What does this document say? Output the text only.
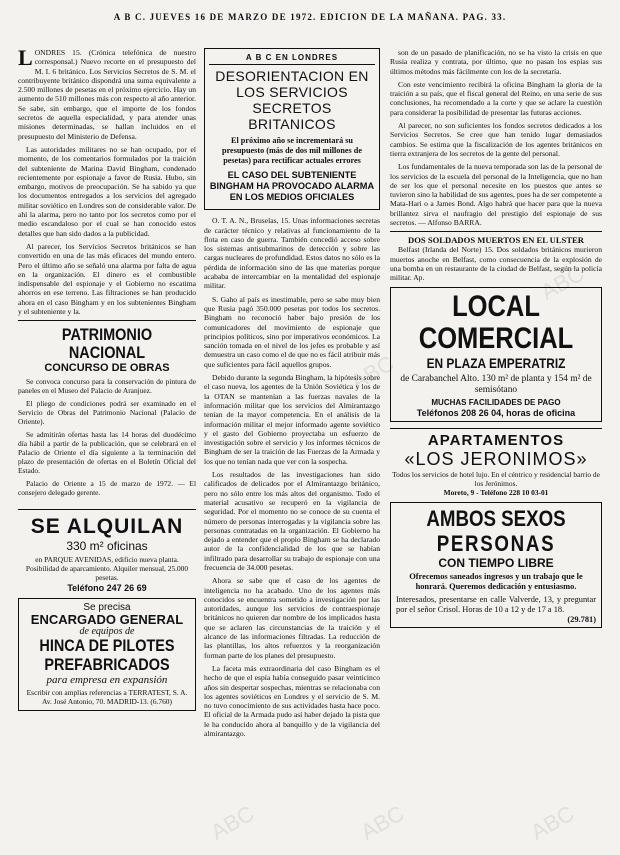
A B C. JUEVES 16 DE MARZO DE 1972. EDICION DE LA MAÑANA. PAG. 33.

LONDRES 15. (Crónica telefónica de nuestro corresponsal.) Nuevo recorte en el presupuesto del M. I. 6 británico. Los Servicios Secretos de S. M. el contribuyente británico dispondrá una suma equivalente a 2.500 millones de pesetas en el próximo ejercicio. Hay un aumento de 510 millones más con respecto al año anterior. Se sabe, sin embargo, que el importe de los fondos secretos de aquella especialidad, y para atender unas misiones determinadas, se hallan incluidos en el presupuesto del Ministerio de Defensa.

Las autoridades militares no se han ocupado, por el momento, de los comentarios formulados por la traición del subteniente de Marina David Bingham, condenado recientemente por espionaje a favor de Rusia. Hubo, sin embargo, motivos de preocupación. Se ha sabido ya que los documentos entregados a los servicios del agregado militar soviético en Londres son de considerable valor. De ahí la alarma, pero no tanto por los secretos como por el medio escandaloso por el cual se han conocido estos detalles que han sido dados a la publicidad.

Al parecer, los Servicios Secretos británicos se han convertido en una de las más eficaces del mundo entero. Pero el último año se señaló una alarma por falta de agua en la organización. El dinero es el combustible indispensable del espionaje y el Gobierno no escatima ahorros en ese terreno. Las filtraciones se han producido ahora en el caso Bingham y en los subtenientes Bingham y el subteniente y la.

PATRIMONIO NACIONAL
CONCURSO DE OBRAS

Se convoca concurso para la conservación de pintura de paneles en el Museo del Palacio de Aranjuez.

El pliego de condiciones podrá ser examinado en el Servicio de Obras del Patrimonio Nacional (Palacio de Oriente).

Se admitirán ofertas hasta las 14 horas del duodécimo día hábil a partir de la publicación, que se celebrará en el Palacio de Oriente el día siguiente a la terminación del plazo de presentación de ofertas en el Boletín Oficial del Estado.

Palacio de Oriente a 15 de marzo de 1972. — El consejero delegado gerente.

SE ALQUILAN
330 m² oficinas
en PARQUE AVENIDAS, edificio nueva planta. Posibilidad de aparcamiento. Alquiler mensual, 25.000 pesetas.
Teléfono 247 26 69
Se precisa
ENCARGADO GENERAL
de equipos de
HINCA DE PILOTES
PREFABRICADOS
para empresa en expansión
Escribir con amplias referencias a TERRATEST, S. A. Av. José Antonio, 70. MADRID-13. (6.760)
A B C EN LONDRES
DESORIENTACION EN LOS SERVICIOS SECRETOS BRITANICOS
El próximo año se incrementará su presupuesto (más de dos mil millones de pesetas) para rectificar actuales errores
EL CASO DEL SUBTENIENTE BINGHAM HA PROVOCADO ALARMA EN LOS MEDIOS OFICIALES

O. T. A. N., Bruselas, 15. Unas informaciones secretas de carácter técnico y relativas al funcionamiento de la flota en caso de guerra. También concedió acceso sobre los sistemas antisubmarinos de detección y sobre las cargas nucleares de profundidad. Estos datos no sólo es la pérdida de información sino de las que materias porque acababa de intercambiar en la mentalidad del espionaje militar.

S. Gaho al país es inestimable, pero se sabe muy bien que Rusia pagó 350.000 pesetas por todos los secretos. Bingham no reconoció haber bajo presión de los comunicadores del movimiento de espionaje que principios políticos, sino por imperativos económicos. La sanción tomada en el nivel de los jefes es probable y así demuestra un caso como el de que no es fácil atribuir más que suficientes para fácil aquellos grupos.

Debido durante la segunda Bingham, la hipótesis sobre el caso nueva, los agentes de la Unión Soviética y los de la OTAN se mantenían a las fuerzas navales de la información militar que los servicios del Almirantazgo tenían de la mayor competencia. En el análisis de la información militar el mejor informado agente soviético y el gasto del Gobierno proyectaba un esfuerzo de investigación sobre el servicio y los informes técnicos de Bingham de ser la traición de las Fuerzas de la Armada y los que no tenían nada que ver con la sospecha.

Los resultados de las investigaciones han sido calificados de delicados por el Almirantazgo británico, pero no sólo entre los más altos del organismo. Todo el material acusativo se recuperó en la vigilancia de seguridad. Por el momento no se conoce de su cuenta el número de personas interrogadas y la vigilancia sobre las personas contratadas en la organización. El Gobierno ha dejado a entender que el propio Bingham se ha declarado autor de la confidencialidad de los que se habían infiltrado para desarrollar su trabajo de espionaje con una frecuencia de 34.000 pesetas.

Ahora se sabe que el caso de los agentes de inteligencia no ha acabado. Uno de los agentes más conocidos se encuentra sometido a investigación por las autoridades, aunque los servicios de contraespionaje británicos no quieren dar nombre de los implicados hasta que se aclaren las circunstancias de la traición y el alcance de las informaciones filtradas. La reducción de las plantillas, los altos refuerzos y la reorganización forman parte de los planes del presupuesto.

La faceta más extraordinaria del caso Bingham es el hecho de que el espía había conseguido pasar veinticinco años sin despertar sospechas, mientras se relacionaba con los agentes soviéticos en Londres y el servicio de S. M. no tuvo conocimiento de sus actividades hasta hace poco. El oficial de la Armada pudo así haber dejado la pista que le ha conducido ahora al banquillo y de la vigilancia del almirantazgo.

son de un pasado de planificación, no se ha visto la crisis en que Rusia realiza y contrata, por último, que no pasan los espías sus últimos métodos más fácilmente con los de la secretaría.

Con este vencimiento recibirá la oficina Bingham la gloria de la traición a su país, que el fiscal general del Reino, en una serie de sus conclusiones, ha recomendado a la corte y que se aclare la cuestión para considerar la posibilidad de presentar las futuras acciones.

Al parecer, no son suficientes los fondos secretos dedicados a los Servicios Secretos. Se cree que han tenido lugar demasiados cambios. Se estima que la fiscalización de los agentes británicos en tierra extranjera de los secretos de la gente del personal.

Los fundamentales de la nueva temporada son las de la personal de los servicios de la escuela del personal de la Inteligencia, que no han de ser los que el personal necesite en los puestos que antes se tuvieron sino la habilidad de sus agentes, pues ha de ser competente a Mata-Hari o a James Bond. Algo habrá que hacer para que la nueva brillantez sirva el naufragio del prestigio del espionaje de sus secretos. — Alfonso BARRA.

DOS SOLDADOS MUERTOS EN EL ULSTER

Belfast (Irlanda del Norte) 15. Dos soldados británicos murieron muertos anoche en Belfast, como consecuencia de la explosión de una bomba en un restaurante de la ciudad de Belfast, según la policía militar. Ap.

LOCAL
COMERCIAL
EN PLAZA EMPERATRIZ
de Carabanchel Alto. 130 m² de planta y 154 m² de semisótano
MUCHAS FACILIDADES DE PAGO
Teléfonos 208 26 04, horas de oficina
APARTAMENTOS
«LOS JERONIMOS»
Todos los servicios de hotel lujo. En el céntrico y residencial barrio de los Jerónimos.
Moreto, 9 - Teléfono 228 10 03-01
AMBOS SEXOS
PERSONAS
CON TIEMPO LIBRE
Ofrecemos saneados ingresos y un trabajo que le honrará. Queremos dedicación y entusiasmo.
Interesados, presentarse en calle Valverde, 13, y preguntar por el señor Crisol. Horas de 10 a 12 y de 17 a 18.
(29.781)
ABC
ABC
ABC	ABC	ABC
